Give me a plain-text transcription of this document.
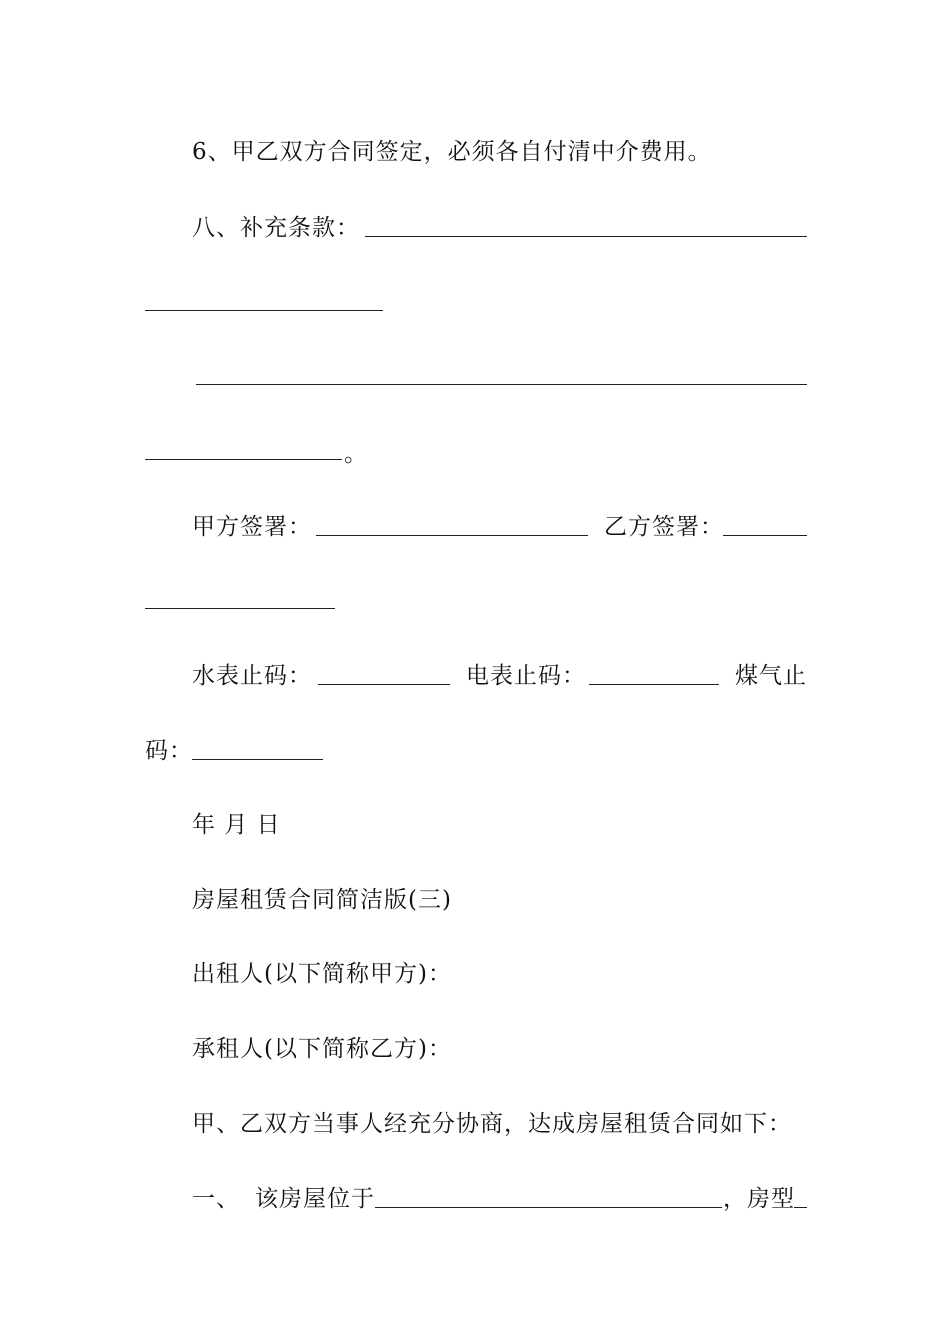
6、甲乙双方合同签定，必须各自付清中介费用。
八、补充条款：
。
甲方签署：	乙方签署：
水表止码：	电表止码：	煤气止
码：
年 月 日
房屋租赁合同简洁版(三)
出租人(以下简称甲方)：
承租人(以下简称乙方)：
甲、乙双方当事人经充分协商，达成房屋租赁合同如下：
一、 该房屋位于	，房型
